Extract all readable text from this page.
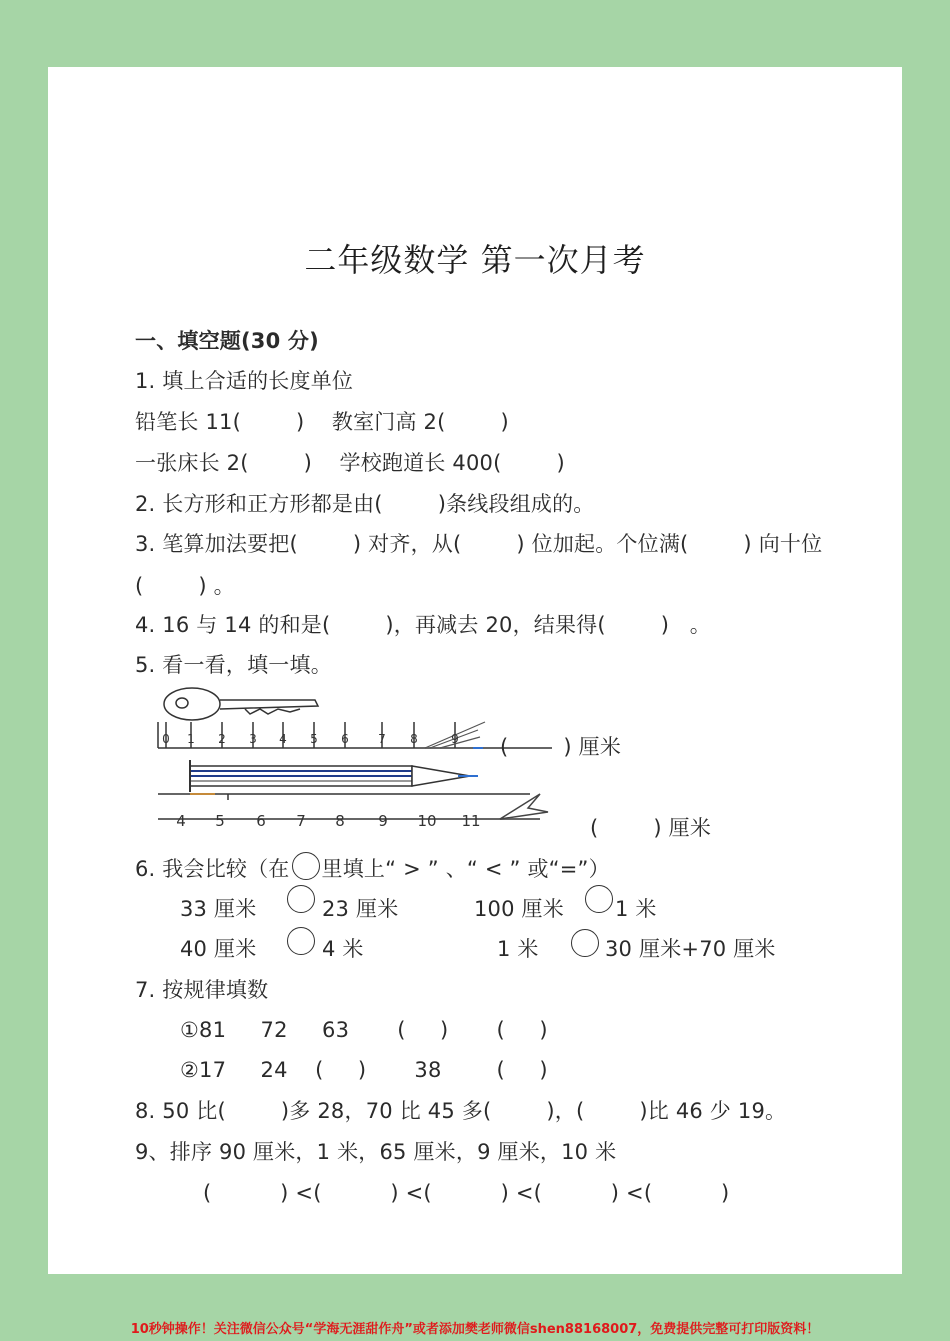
二年级数学 第一次月考
一、填空题(30 分)
1. 填上合适的长度单位
铅笔长 11(        )    教室门高 2(        )
一张床长 2(        )    学校跑道长 400(        )
2. 长方形和正方形都是由(        )条线段组成的。
3. 笔算加法要把(        ) 对齐，从(        ) 位加起。个位满(        ) 向十位
(        ) 。
4. 16 与 14 的和是(        )，再减去 20，结果得(        )   。
5. 看一看，填一填。
0 1 2 3 4 5 6 7 8	9
4 5 6 7 8 9 10 11
(        ) 厘米
(        ) 厘米
6. 我会比较（在 里填上“ > ” 、“ < ” 或“=”）
33 厘米	23 厘米	100 厘米 1 米
40 厘米	4 米	1 米	30 厘米+70 厘米
7. 按规律填数
①81     72     63       (     )       (     )
②17     24    (     )       38        (     )
8. 50 比(        )多 28，70 比 45 多(        )，(        )比 46 少 19。
9、排序 90 厘米，1 米，65 厘米，9 厘米，10 米
(          ) <(          ) <(          ) <(          ) <(          )
10秒钟操作！关注微信公众号“学海无涯甜作舟”或者添加樊老师微信shen88168007，免费提供完整可打印版资料！
